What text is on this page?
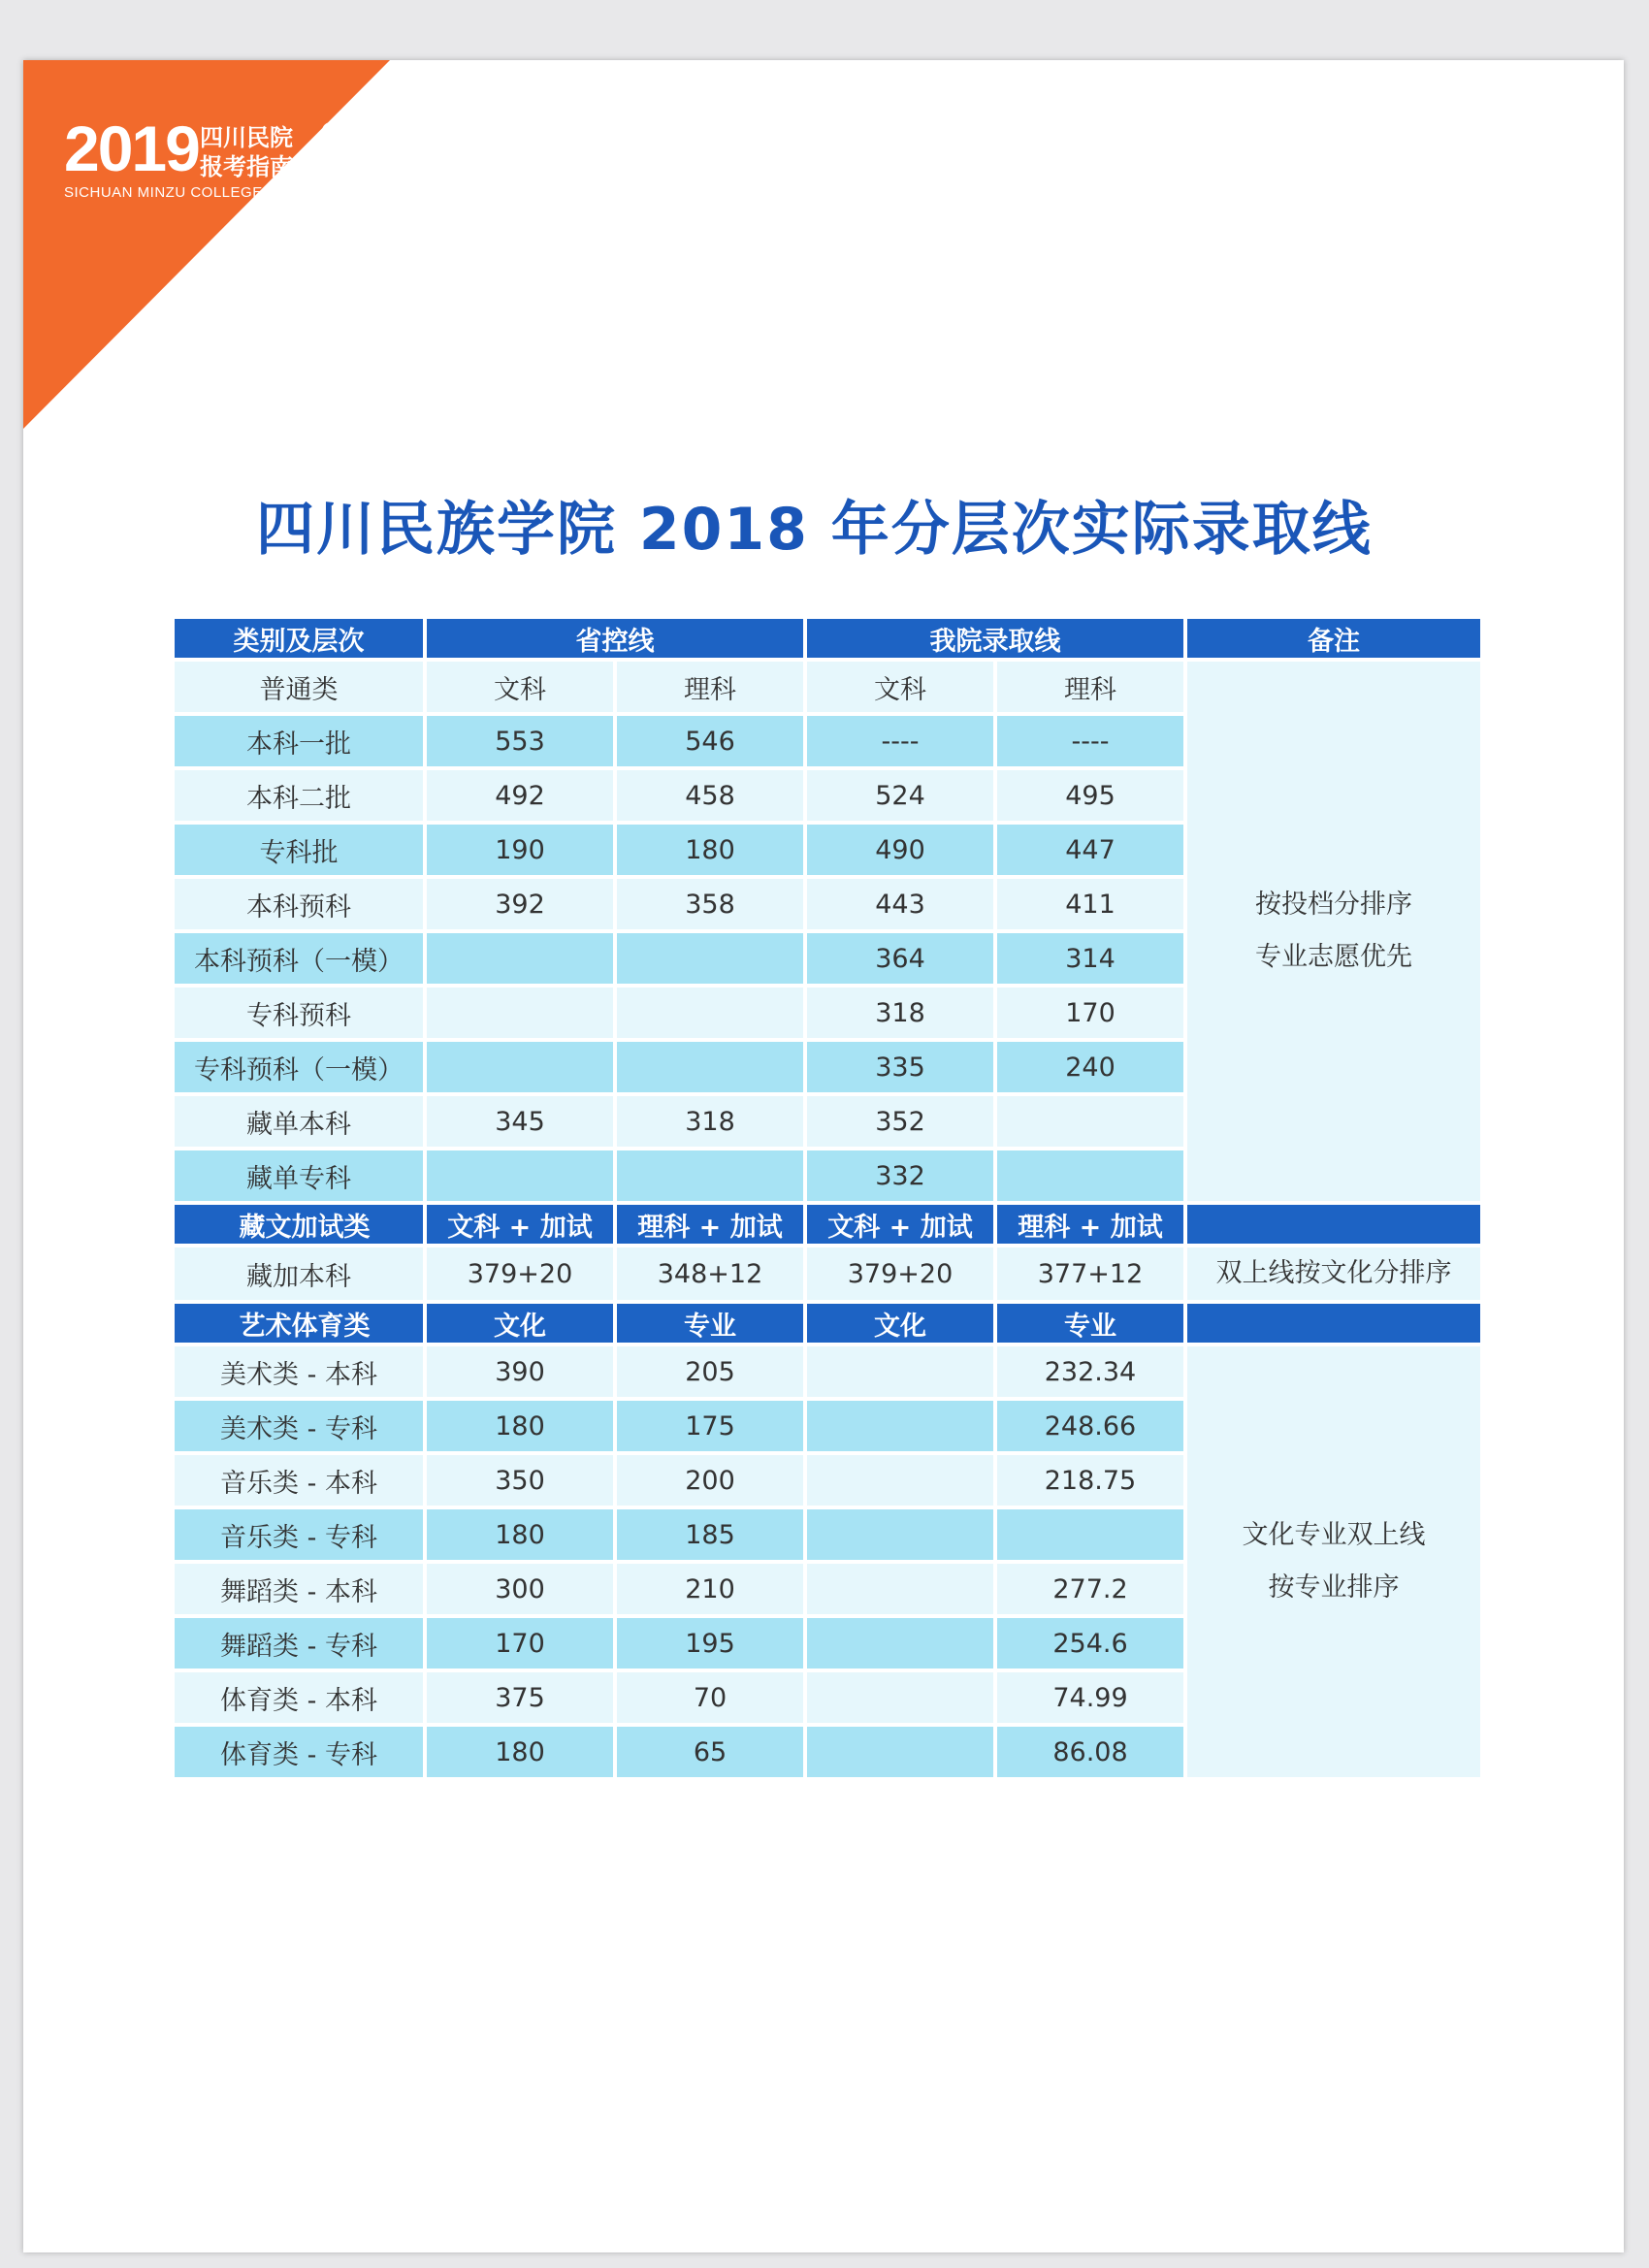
2019 四川民院
报考指南
SICHUAN MINZU COLLEGE
四川民族学院 2018 年分层次实际录取线
类别及层次	省控线		我院录取线		备注
普通类	文科	理科	文科	理科	按投档分排序
专业志愿优先

本科一批	553	546	----	----	
本科二批	492	458	524	495	
专科批	190	180	490	447	
本科预科	392	358	443	411	
本科预科（一模）			364	314	
专科预科			318	170	
专科预科（一模）			335	240	
藏单本科	345	318	352		
藏单专科			332		
藏文加试类	文科 + 加试	理科 + 加试	文科 + 加试	理科 + 加试	
藏加本科	379+20	348+12	379+20	377+12	双上线按文化分排序
艺术体育类	文化	专业	文化	专业	
美术类 - 本科	390	205		232.34	文化专业双上线
按专业排序

美术类 - 专科	180	175		248.66	
音乐类 - 本科	350	200		218.75	
音乐类 - 专科	180	185			
舞蹈类 - 本科	300	210		277.2	
舞蹈类 - 专科	170	195		254.6	
体育类 - 本科	375	70		74.99	
体育类 - 专科	180	65		86.08	
